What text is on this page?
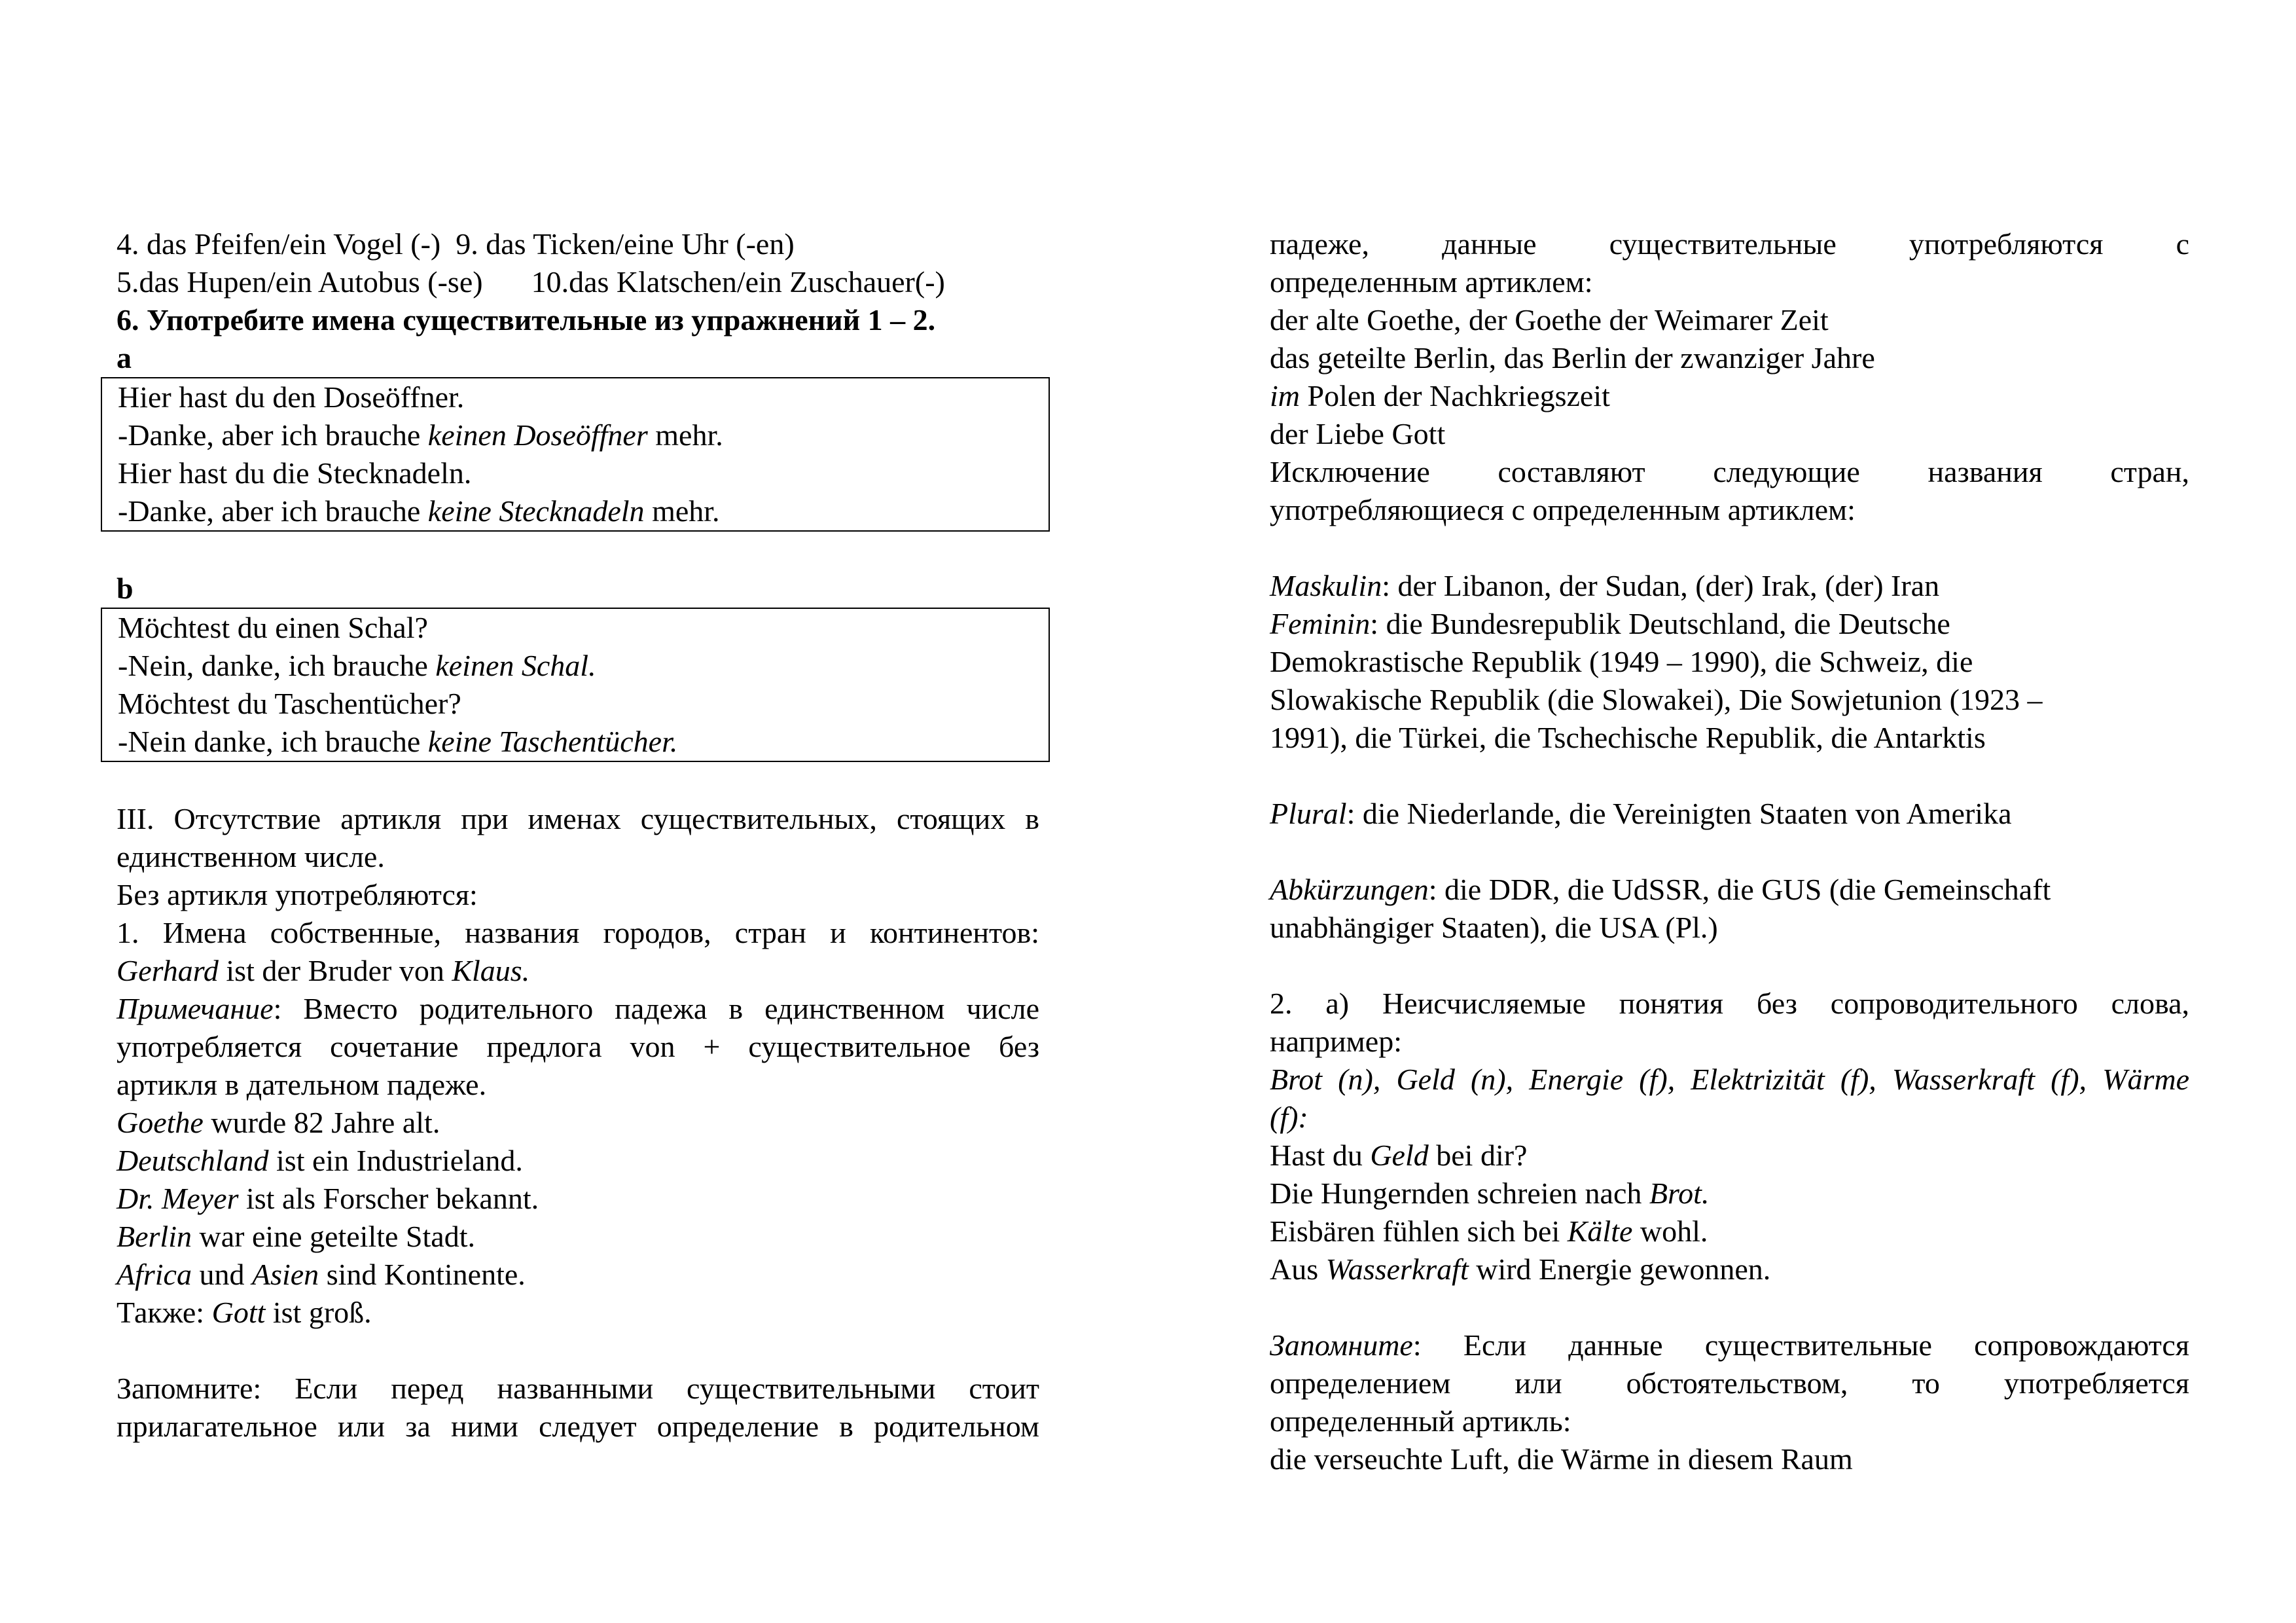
4. das Pfeifen/ein Vogel (-) 9. das Ticken/eine Uhr (-en)
5.das Hupen/ein Autobus (-se) 10.das Klatschen/ein Zuschauer(-)
6. Употребите имена существительные из упражнений 1 – 2.
a
Hier hast du den Doseöffner.
-Danke, aber ich brauche keinen Doseöffner mehr.
Hier hast du die Stecknadeln.
-Danke, aber ich brauche keine Stecknadeln mehr.
b
Möchtest du einen Schal?
-Nein, danke, ich brauche keinen Schal.
Möchtest du Taschentücher?
-Nein danke, ich brauche keine Taschentücher.
III. Отсутствие артикля при именах существительных, стоящих в
единственном числе.
Без артикля употребляются:
1. Имена собственные, названия городов, стран и континентов:
Gerhard ist der Bruder von Klaus.
Примечание: Вместо родительного падежа в единственном числе
употребляется сочетание предлога von + существительное без
артикля в дательном падеже.
Goethe wurde 82 Jahre alt.
Deutschland ist ein Industrieland.
Dr. Meyer ist als Forscher bekannt.
Berlin war eine geteilte Stadt.
Africa und Asien sind Kontinente.
Также: Gott ist groß.
Запомните: Если перед названными существительными стоит
прилагательное или за ними следует определение в родительном
падеже, данные существительные употребляются с
определенным артиклем:
der alte Goethe, der Goethe der Weimarer Zeit
das geteilte Berlin, das Berlin der zwanziger Jahre
im Polen der Nachkriegszeit
der Liebe Gott
Исключение составляют следующие названия стран,
употребляющиеся с определенным артиклем:
Maskulin: der Libanon, der Sudan, (der) Irak, (der) Iran
Feminin: die Bundesrepublik Deutschland, die Deutsche
Demokrastische Republik (1949 – 1990), die Schweiz, die
Slowakische Republik (die Slowakei), Die Sowjetunion (1923 –
1991), die Türkei, die Tschechische Republik, die Antarktis
Plural: die Niederlande, die Vereinigten Staaten von Amerika
Abkürzungen: die DDR, die UdSSR, die GUS (die Gemeinschaft
unabhängiger Staaten), die USA (Pl.)
2. а) Неисчисляемые понятия без сопроводительного слова,
например:
Brot (n), Geld (n), Energie (f), Elektrizität (f), Wasserkraft (f), Wärme
(f):
Hast du Geld bei dir?
Die Hungernden schreien nach Brot.
Eisbären fühlen sich bei Kälte wohl.
Aus Wasserkraft wird Energie gewonnen.
Запомните: Если данные существительные сопровождаются
определением или обстоятельством, то употребляется
определенный артикль:
die verseuchte Luft, die Wärme in diesem Raum
